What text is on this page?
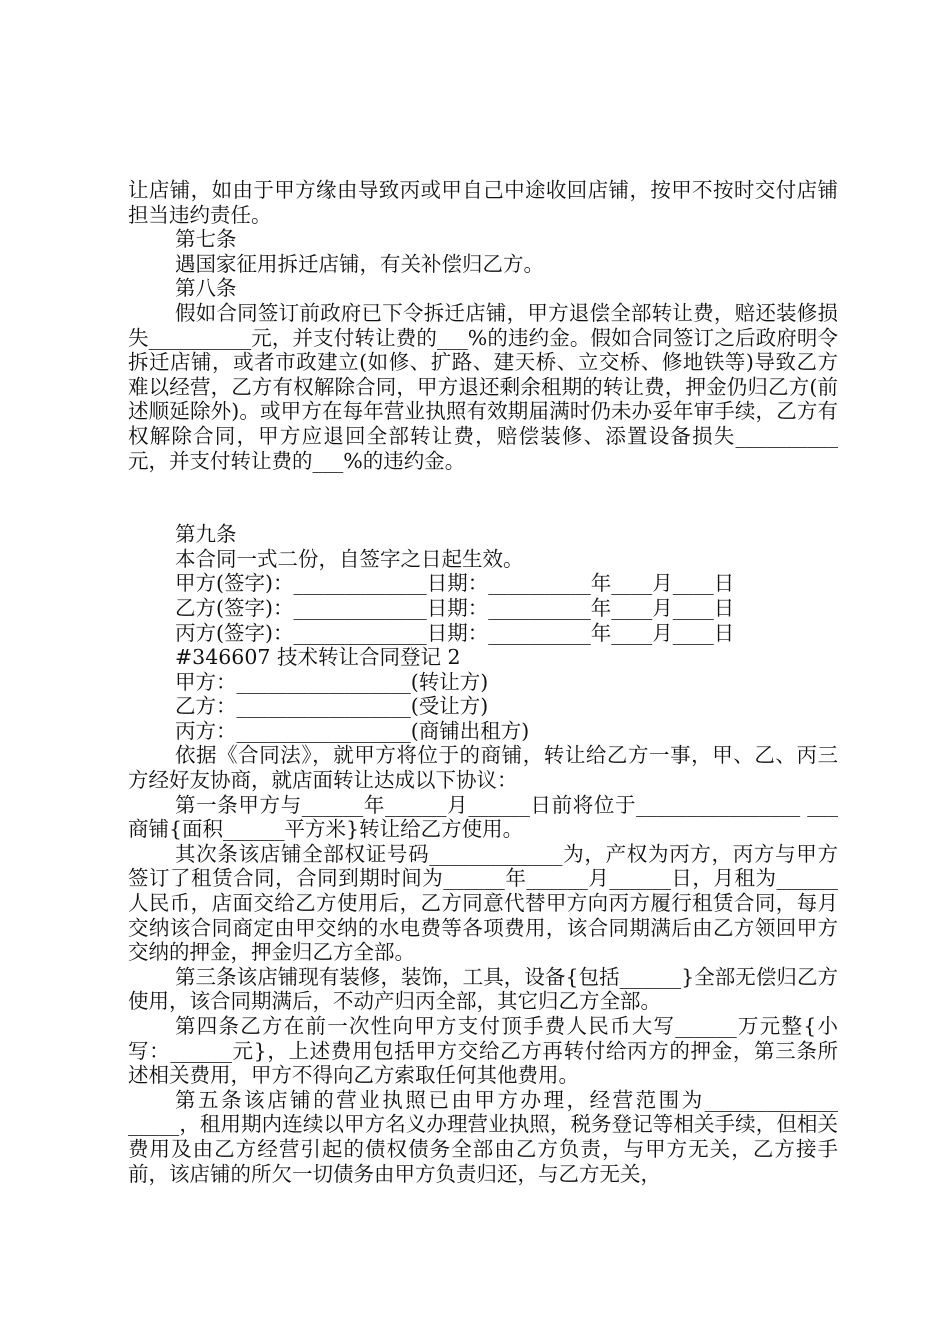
让店铺，如由于甲方缘由导致丙或甲自己中途收回店铺，按甲不按时交付店铺担当违约责任。
第七条
遇国家征用拆迁店铺，有关补偿归乙方。
第八条
假如合同签订前政府已下令拆迁店铺，甲方退偿全部转让费，赔还装修损失__________元，并支付转让费的___%的违约金。假如合同签订之后政府明令拆迁店铺，或者市政建立(如修、扩路、建天桥、立交桥、修地铁等)导致乙方难以经营，乙方有权解除合同，甲方退还剩余租期的转让费，押金仍归乙方(前述顺延除外)。或甲方在每年营业执照有效期届满时仍未办妥年审手续，乙方有权解除合同，甲方应退回全部转让费，赔偿装修、添置设备损失__________元，并支付转让费的___%的违约金。
第九条
本合同一式二份，自签字之日起生效。
甲方(签字)：_____________日期：__________年____月____日
乙方(签字)：_____________日期：__________年____月____日
丙方(签字)：_____________日期：__________年____月____日
#346607 技术转让合同登记 2
甲方：_________________(转让方)
乙方：_________________(受让方)
丙方：_________________(商铺出租方)
依据《合同法》，就甲方将位于的商铺，转让给乙方一事，甲、乙、丙三方经好友协商，就店面转让达成以下协议：
第一条甲方与______年______月______日前将位于________________ ___商铺{面积______平方米}转让给乙方使用。
其次条该店铺全部权证号码_____________为，产权为丙方，丙方与甲方签订了租赁合同，合同到期时间为______年______月______日，月租为______人民币，店面交给乙方使用后，乙方同意代替甲方向丙方履行租赁合同，每月交纳该合同商定由甲交纳的水电费等各项费用，该合同期满后由乙方领回甲方交纳的押金，押金归乙方全部。
第三条该店铺现有装修，装饰，工具，设备{包括______}全部无偿归乙方使用，该合同期满后，不动产归丙全部，其它归乙方全部。
第四条乙方在前一次性向甲方支付顶手费人民币大写______万元整{小写：______元}，上述费用包括甲方交给乙方再转付给丙方的押金，第三条所述相关费用，甲方不得向乙方索取任何其他费用。
第五条该店铺的营业执照已由甲方办理，经营范围为_____________ _____，租用期内连续以甲方名义办理营业执照，税务登记等相关手续，但相关费用及由乙方经营引起的债权债务全部由乙方负责，与甲方无关，乙方接手前，该店铺的所欠一切债务由甲方负责归还，与乙方无关，
